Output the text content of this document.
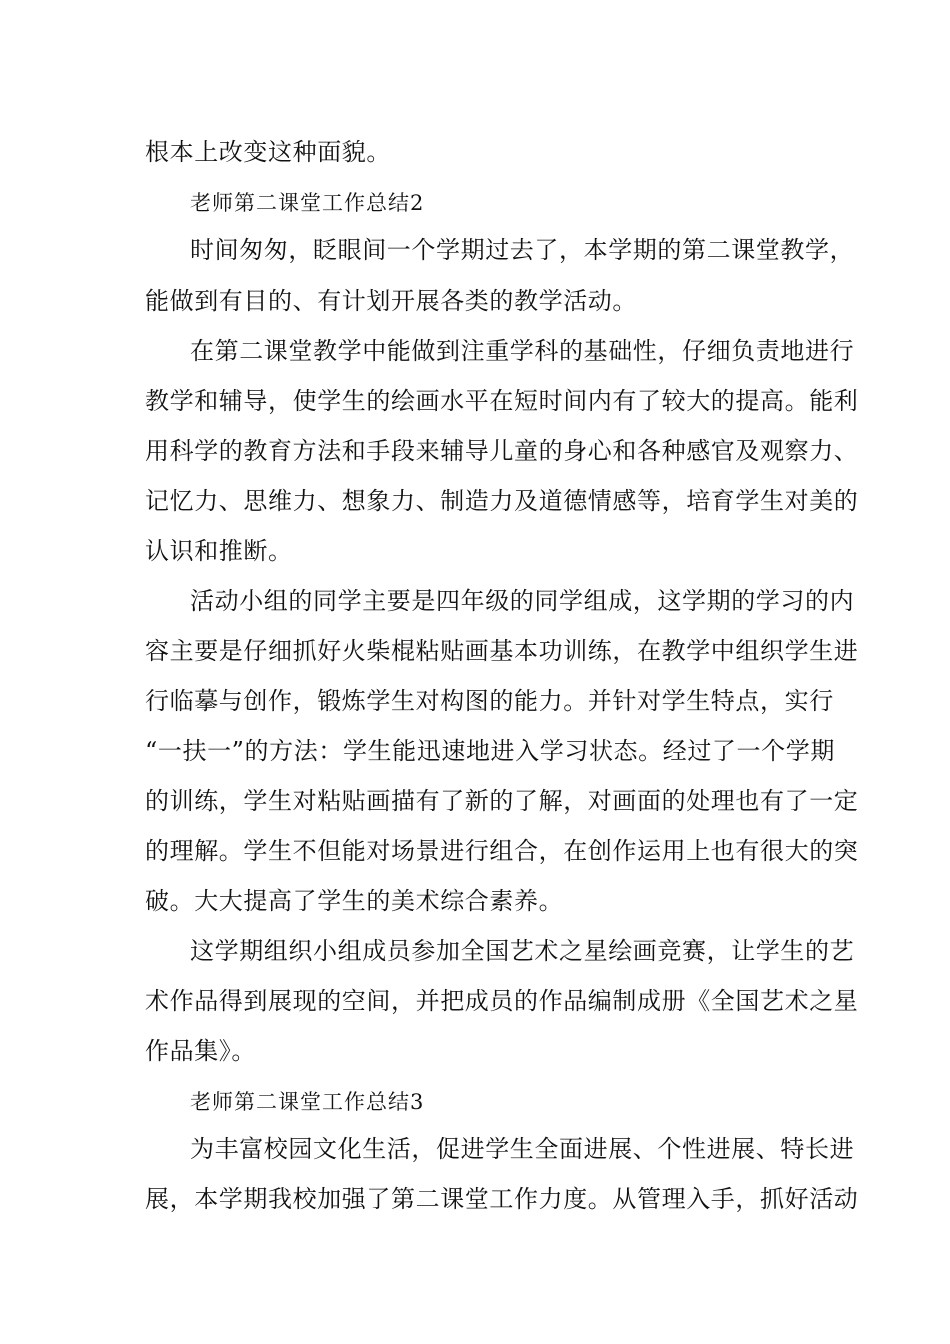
根本上改变这种面貌。

老师第二课堂工作总结2

时间匆匆，眨眼间一个学期过去了，本学期的第二课堂教学，

能做到有目的、有计划开展各类的教学活动。

在第二课堂教学中能做到注重学科的基础性，仔细负责地进行

教学和辅导，使学生的绘画水平在短时间内有了较大的提高。能利

用科学的教育方法和手段来辅导儿童的身心和各种感官及观察力、

记忆力、思维力、想象力、制造力及道德情感等，培育学生对美的

认识和推断。

活动小组的同学主要是四年级的同学组成，这学期的学习的内

容主要是仔细抓好火柴棍粘贴画基本功训练，在教学中组织学生进

行临摹与创作，锻炼学生对构图的能力。并针对学生特点，实行

“一扶一”的方法：学生能迅速地进入学习状态。经过了一个学期

的训练，学生对粘贴画描有了新的了解，对画面的处理也有了一定

的理解。学生不但能对场景进行组合，在创作运用上也有很大的突

破。大大提高了学生的美术综合素养。

这学期组织小组成员参加全国艺术之星绘画竞赛，让学生的艺

术作品得到展现的空间，并把成员的作品编制成册《全国艺术之星

作品集》。

老师第二课堂工作总结3

为丰富校园文化生活，促进学生全面进展、个性进展、特长进

展，本学期我校加强了第二课堂工作力度。从管理入手，抓好活动
